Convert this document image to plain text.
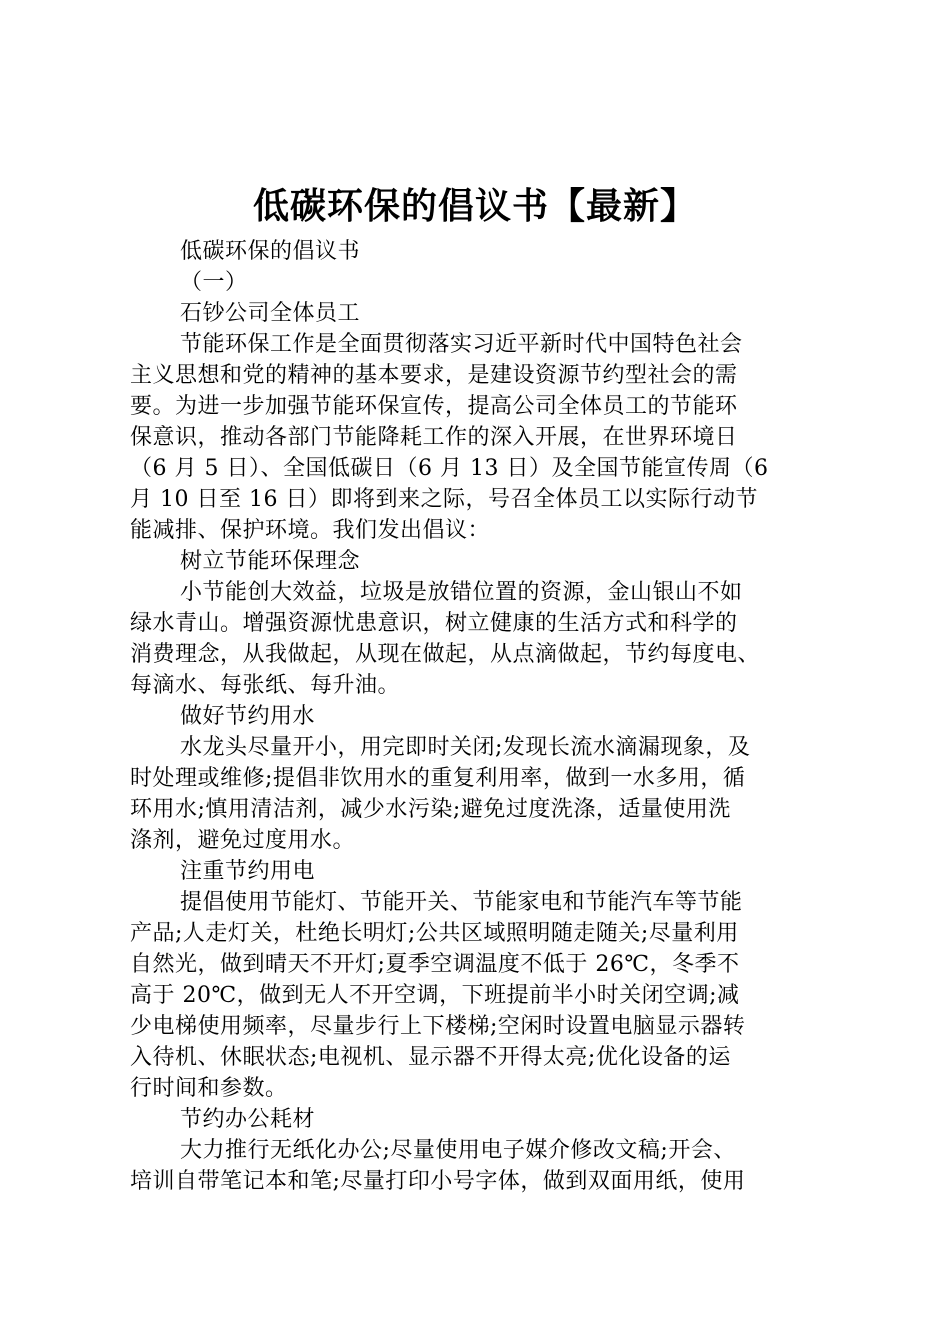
低碳环保的倡议书【最新】
低碳环保的倡议书
（一）
石钞公司全体员工
节能环保工作是全面贯彻落实习近平新时代中国特色社会
主义思想和党的精神的基本要求，是建设资源节约型社会的需
要。为进一步加强节能环保宣传，提高公司全体员工的节能环
保意识，推动各部门节能降耗工作的深入开展，在世界环境日
（6 月 5 日）、全国低碳日（6 月 13 日）及全国节能宣传周（6
月 10 日至 16 日）即将到来之际，号召全体员工以实际行动节
能减排、保护环境。我们发出倡议：
树立节能环保理念
小节能创大效益，垃圾是放错位置的资源，金山银山不如
绿水青山。增强资源忧患意识，树立健康的生活方式和科学的
消费理念，从我做起，从现在做起，从点滴做起，节约每度电、
每滴水、每张纸、每升油。
做好节约用水
水龙头尽量开小，用完即时关闭;发现长流水滴漏现象，及
时处理或维修;提倡非饮用水的重复利用率，做到一水多用，循
环用水;慎用清洁剂，减少水污染;避免过度洗涤，适量使用洗
涤剂，避免过度用水。
注重节约用电
提倡使用节能灯、节能开关、节能家电和节能汽车等节能
产品;人走灯关，杜绝长明灯;公共区域照明随走随关;尽量利用
自然光，做到晴天不开灯;夏季空调温度不低于 26℃，冬季不
高于 20℃，做到无人不开空调，下班提前半小时关闭空调;减
少电梯使用频率，尽量步行上下楼梯;空闲时设置电脑显示器转
入待机、休眠状态;电视机、显示器不开得太亮;优化设备的运
行时间和参数。
节约办公耗材
大力推行无纸化办公;尽量使用电子媒介修改文稿;开会、
培训自带笔记本和笔;尽量打印小号字体，做到双面用纸，使用
